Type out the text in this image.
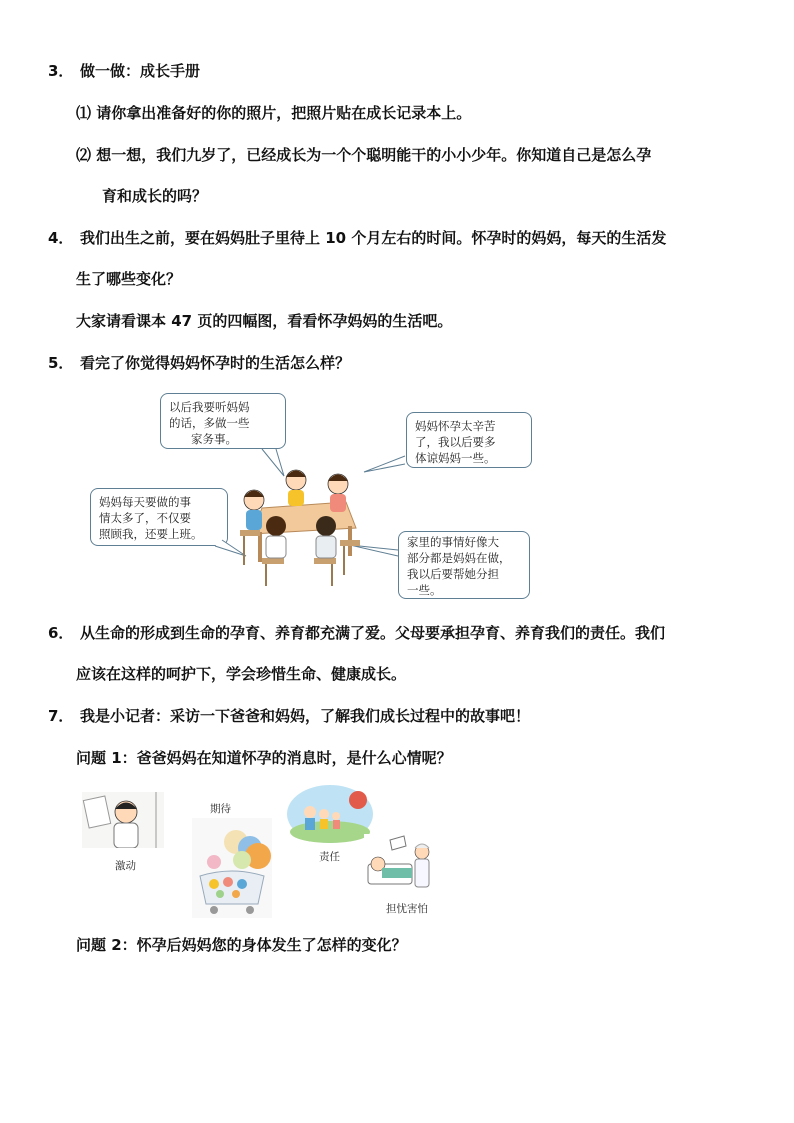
3． 做一做：成长手册
⑴ 请你拿出准备好的你的照片，把照片贴在成长记录本上。
⑵ 想一想，我们九岁了，已经成长为一个个聪明能干的小小少年。你知道自己是怎么孕
育和成长的吗？
4． 我们出生之前，要在妈妈肚子里待上 10 个月左右的时间。怀孕时的妈妈，每天的生活发
生了哪些变化？
大家请看课本 47 页的四幅图，看看怀孕妈妈的生活吧。
5． 看完了你觉得妈妈怀孕时的生活怎么样？
以后我要听妈妈
的话，多做一些
家务事。
妈妈怀孕太辛苦
了，我以后要多
体谅妈妈一些。
妈妈每天要做的事
情太多了，不仅要
照顾我，还要上班。
家里的事情好像大
部分都是妈妈在做，
我以后要帮她分担
一些。
6． 从生命的形成到生命的孕育、养育都充满了爱。父母要承担孕育、养育我们的责任。我们
应该在这样的呵护下，学会珍惜生命、健康成长。
7． 我是小记者：采访一下爸爸和妈妈，了解我们成长过程中的故事吧！
问题 1：爸爸妈妈在知道怀孕的消息时，是什么心情呢？
激动
期待
责任
担忧害怕
问题 2：怀孕后妈妈您的身体发生了怎样的变化？
